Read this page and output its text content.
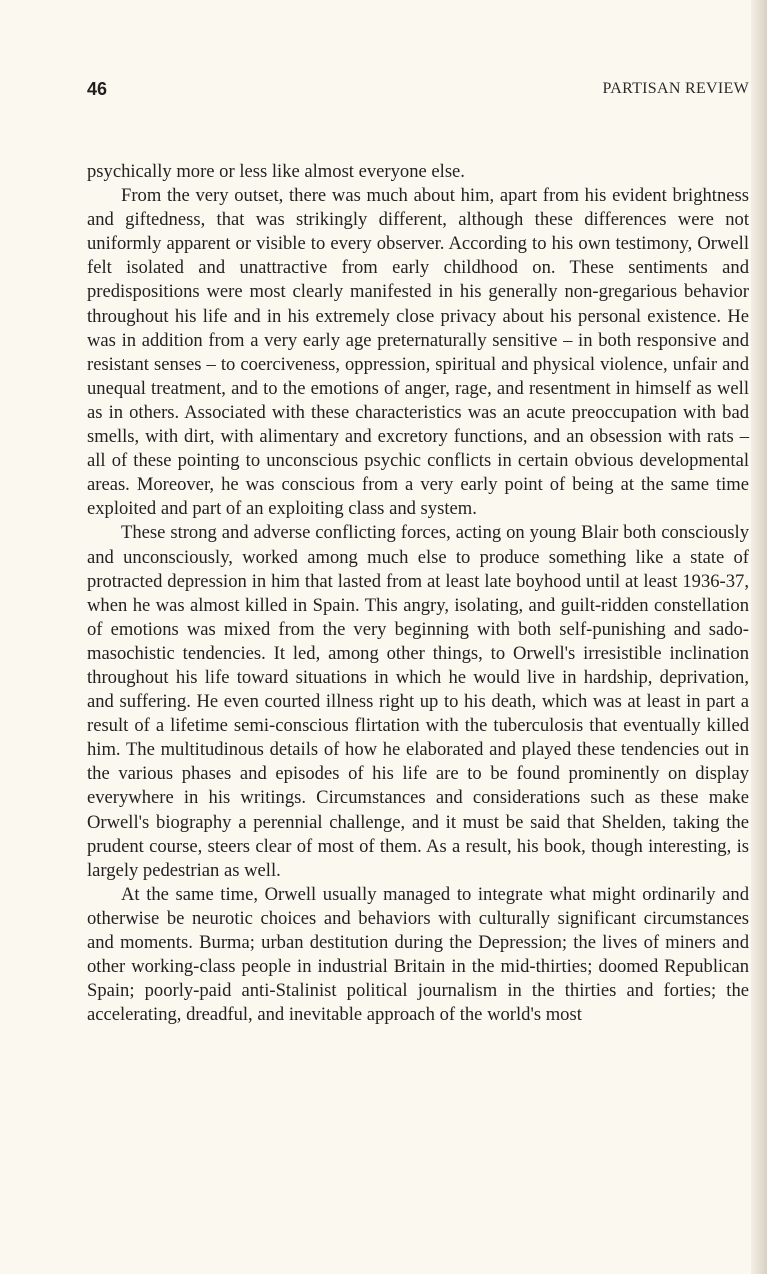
46	PARTISAN REVIEW

psychically more or less like almost everyone else.

From the very outset, there was much about him, apart from his evident brightness and giftedness, that was strikingly different, although these differences were not uniformly apparent or visible to every observer. According to his own testimony, Orwell felt isolated and unattractive from early childhood on. These sentiments and predispositions were most clearly manifested in his generally non-gregarious behavior throughout his life and in his extremely close privacy about his personal existence. He was in addition from a very early age preternaturally sensitive – in both responsive and resistant senses – to coerciveness, oppression, spiritual and physical violence, unfair and unequal treatment, and to the emotions of anger, rage, and resentment in himself as well as in others. Associated with these characteristics was an acute preoccupation with bad smells, with dirt, with alimentary and excretory functions, and an obsession with rats – all of these pointing to unconscious psychic conflicts in certain obvious developmental areas. Moreover, he was conscious from a very early point of being at the same time exploited and part of an exploiting class and system.

These strong and adverse conflicting forces, acting on young Blair both consciously and unconsciously, worked among much else to produce something like a state of protracted depression in him that lasted from at least late boyhood until at least 1936-37, when he was almost killed in Spain. This angry, isolating, and guilt-ridden constellation of emotions was mixed from the very beginning with both self-punishing and sado-masochistic tendencies. It led, among other things, to Orwell's irresistible inclination throughout his life toward situations in which he would live in hardship, deprivation, and suffering. He even courted illness right up to his death, which was at least in part a result of a lifetime semi-conscious flirtation with the tuberculosis that eventually killed him. The multitudinous details of how he elaborated and played these tendencies out in the various phases and episodes of his life are to be found prominently on display everywhere in his writings. Circumstances and considerations such as these make Orwell's biography a perennial challenge, and it must be said that Shelden, taking the prudent course, steers clear of most of them. As a result, his book, though interesting, is largely pedestrian as well.

At the same time, Orwell usually managed to integrate what might ordinarily and otherwise be neurotic choices and behaviors with culturally significant circumstances and moments. Burma; urban destitution during the Depression; the lives of miners and other working-class people in industrial Britain in the mid-thirties; doomed Republican Spain; poorly-paid anti-Stalinist political journalism in the thirties and forties; the accelerating, dreadful, and inevitable approach of the world's most
